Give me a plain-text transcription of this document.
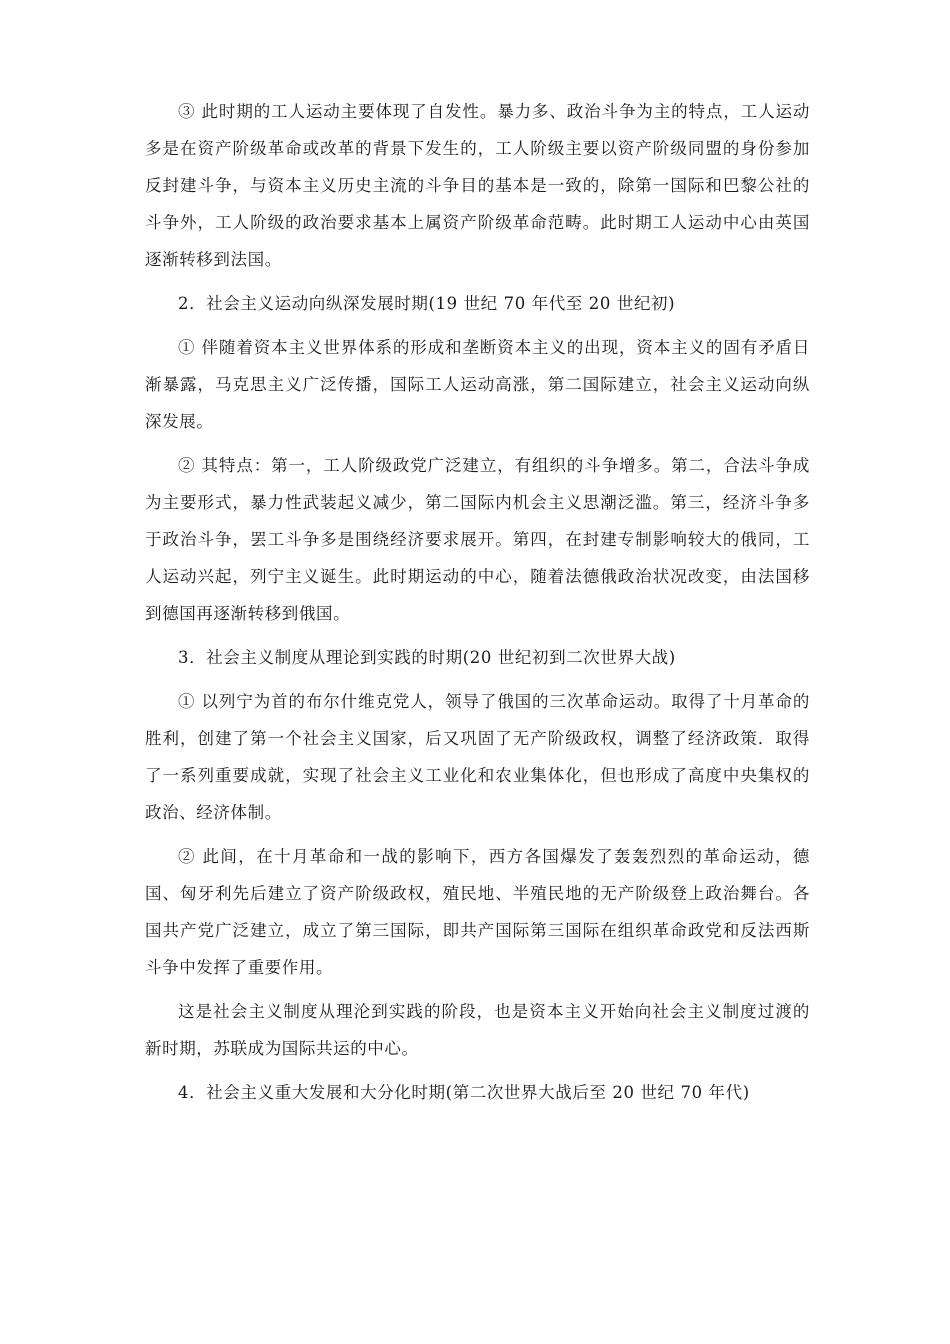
③ 此时期的工人运动主要体现了自发性。暴力多、政治斗争为主的特点，工人运动多是在资产阶级革命或改革的背景下发生的，工人阶级主要以资产阶级同盟的身份参加反封建斗争，与资本主义历史主流的斗争目的基本是一致的，除第一国际和巴黎公社的斗争外，工人阶级的政治要求基本上属资产阶级革命范畴。此时期工人运动中心由英国逐渐转移到法国。

2．社会主义运动向纵深发展时期(19 世纪 70 年代至 20 世纪初)

① 伴随着资本主义世界体系的形成和垄断资本主义的出现，资本主义的固有矛盾日渐暴露，马克思主义广泛传播，国际工人运动高涨，第二国际建立，社会主义运动向纵深发展。

② 其特点：第一，工人阶级政党广泛建立，有组织的斗争增多。第二，合法斗争成为主要形式，暴力性武装起义减少，第二国际内机会主义思潮泛滥。第三，经济斗争多于政治斗争，罢工斗争多是围绕经济要求展开。第四，在封建专制影响较大的俄同，工人运动兴起，列宁主义诞生。此时期运动的中心，随着法德俄政治状况改变，由法国移到德国再逐渐转移到俄国。

3．社会主义制度从理论到实践的时期(20 世纪初到二次世界大战)

① 以列宁为首的布尔什维克党人，领导了俄国的三次革命运动。取得了十月革命的胜利，创建了第一个社会主义国家，后又巩固了无产阶级政权，调整了经济政策．取得了一系列重要成就，实现了社会主义工业化和农业集体化，但也形成了高度中央集权的政治、经济体制。

② 此间，在十月革命和一战的影响下，西方各国爆发了轰轰烈烈的革命运动，德国、匈牙利先后建立了资产阶级政权，殖民地、半殖民地的无产阶级登上政治舞台。各国共产党广泛建立，成立了第三国际，即共产国际第三国际在组织革命政党和反法西斯斗争中发挥了重要作用。

这是社会主义制度从理沦到实践的阶段，也是资本主义开始向社会主义制度过渡的新时期，苏联成为国际共运的中心。

4．社会主义重大发展和大分化时期(第二次世界大战后至 20 世纪 70 年代)
